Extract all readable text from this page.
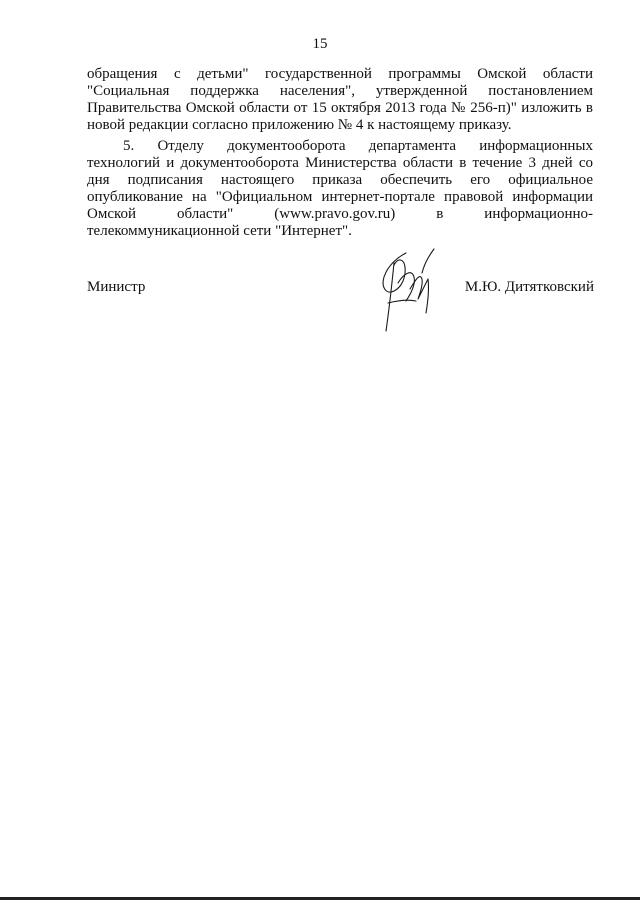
15
обращения с детьми" государственной программы Омской области
"Социальная поддержка населения", утвержденной постановлением
Правительства Омской области от 15 октября 2013 года № 256-п)" изложить в
новой редакции согласно приложению № 4 к настоящему приказу.
5. Отделу документооборота департамента информационных
технологий и документооборота Министерства области в течение 3 дней со
дня подписания настоящего приказа обеспечить его официальное
опубликование на "Официальном интернет-портале правовой информации
Омской области" (www.pravo.gov.ru) в информационно-
телекоммуникационной сети "Интернет".
Министр	М.Ю. Дитятковский
